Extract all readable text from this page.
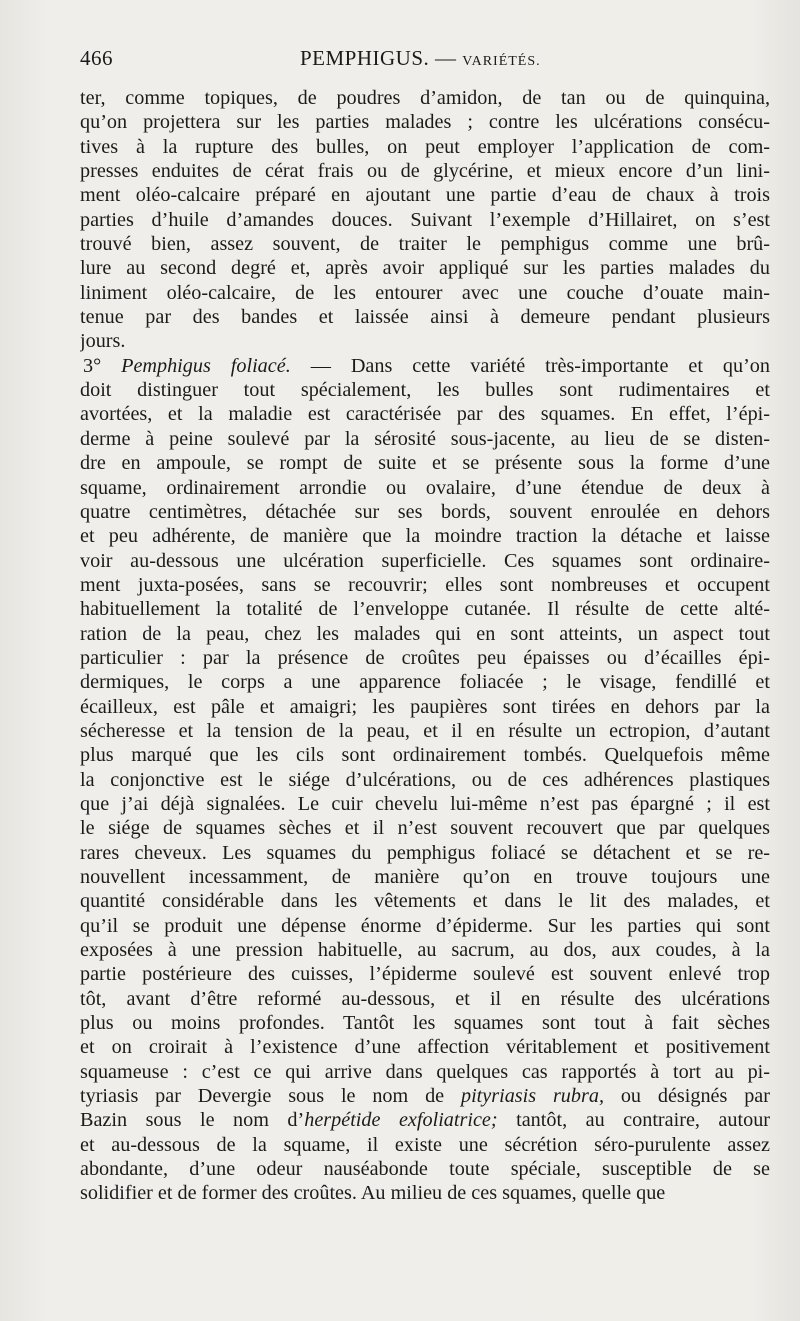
466	PEMPHIGUS. — VARIÉTÉS.
ter, comme topiques, de poudres d’amidon, de tan ou de quinquina,
qu’on projettera sur les parties malades ; contre les ulcérations consécu-
tives à la rupture des bulles, on peut employer l’application de com-
presses enduites de cérat frais ou de glycérine, et mieux encore d’un lini-
ment oléo-calcaire préparé en ajoutant une partie d’eau de chaux à trois
parties d’huile d’amandes douces. Suivant l’exemple d’Hillairet, on s’est
trouvé bien, assez souvent, de traiter le pemphigus comme une brû-
lure au second degré et, après avoir appliqué sur les parties malades du
liniment oléo-calcaire, de les entourer avec une couche d’ouate main-
tenue par des bandes et laissée ainsi à demeure pendant plusieurs
jours.
3° Pemphigus foliacé. — Dans cette variété très-importante et qu’on
doit distinguer tout spécialement, les bulles sont rudimentaires et
avortées, et la maladie est caractérisée par des squames. En effet, l’épi-
derme à peine soulevé par la sérosité sous-jacente, au lieu de se disten-
dre en ampoule, se rompt de suite et se présente sous la forme d’une
squame, ordinairement arrondie ou ovalaire, d’une étendue de deux à
quatre centimètres, détachée sur ses bords, souvent enroulée en dehors
et peu adhérente, de manière que la moindre traction la détache et laisse
voir au-dessous une ulcération superficielle. Ces squames sont ordinaire-
ment juxta-posées, sans se recouvrir; elles sont nombreuses et occupent
habituellement la totalité de l’enveloppe cutanée. Il résulte de cette alté-
ration de la peau, chez les malades qui en sont atteints, un aspect tout
particulier : par la présence de croûtes peu épaisses ou d’écailles épi-
dermiques, le corps a une apparence foliacée ; le visage, fendillé et
écailleux, est pâle et amaigri; les paupières sont tirées en dehors par la
sécheresse et la tension de la peau, et il en résulte un ectropion, d’autant
plus marqué que les cils sont ordinairement tombés. Quelquefois même
la conjonctive est le siége d’ulcérations, ou de ces adhérences plastiques
que j’ai déjà signalées. Le cuir chevelu lui-même n’est pas épargné ; il est
le siége de squames sèches et il n’est souvent recouvert que par quelques
rares cheveux. Les squames du pemphigus foliacé se détachent et se re-
nouvellent incessamment, de manière qu’on en trouve toujours une
quantité considérable dans les vêtements et dans le lit des malades, et
qu’il se produit une dépense énorme d’épiderme. Sur les parties qui sont
exposées à une pression habituelle, au sacrum, au dos, aux coudes, à la
partie postérieure des cuisses, l’épiderme soulevé est souvent enlevé trop
tôt, avant d’être reformé au-dessous, et il en résulte des ulcérations
plus ou moins profondes. Tantôt les squames sont tout à fait sèches
et on croirait à l’existence d’une affection véritablement et positivement
squameuse : c’est ce qui arrive dans quelques cas rapportés à tort au pi-
tyriasis par Devergie sous le nom de pityriasis rubra, ou désignés par
Bazin sous le nom d’herpétide exfoliatrice; tantôt, au contraire, autour
et au-dessous de la squame, il existe une sécrétion séro-purulente assez
abondante, d’une odeur nauséabonde toute spéciale, susceptible de se
solidifier et de former des croûtes. Au milieu de ces squames, quelle que
